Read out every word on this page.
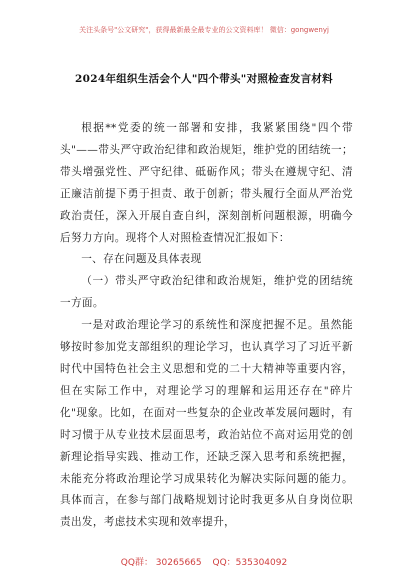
关注头条号"公文研究"，获得最新最全最专业的公文资料库！ 微信：gongwenyj
2024年组织生活会个人"四个带头"对照检查发言材料

根据**党委的统一部署和安排，我紧紧围绕"四个带头"——带头严守政治纪律和政治规矩，维护党的团结统一；带头增强党性、严守纪律、砥砺作风；带头在遵规守纪、清正廉洁前提下勇于担责、敢于创新；带头履行全面从严治党政治责任，深入开展自查自纠，深刻剖析问题根源，明确今后努力方向。现将个人对照检查情况汇报如下：

一、存在问题及具体表现

（一）带头严守政治纪律和政治规矩，维护党的团结统一方面。

一是对政治理论学习的系统性和深度把握不足。虽然能够按时参加党支部组织的理论学习，也认真学习了习近平新时代中国特色社会主义思想和党的二十大精神等重要内容，但在实际工作中，对理论学习的理解和运用还存在"碎片化"现象。比如，在面对一些复杂的企业改革发展问题时，有时习惯于从专业技术层面思考，政治站位不高对运用党的创新理论指导实践、推动工作，还缺乏深入思考和系统把握，未能充分将政治理论学习成果转化为解决实际问题的能力。具体而言，在参与部门战略规划讨论时我更多从自身岗位职责出发，考虑技术实现和效率提升，

QQ群： 30265665 QQ：535304092
